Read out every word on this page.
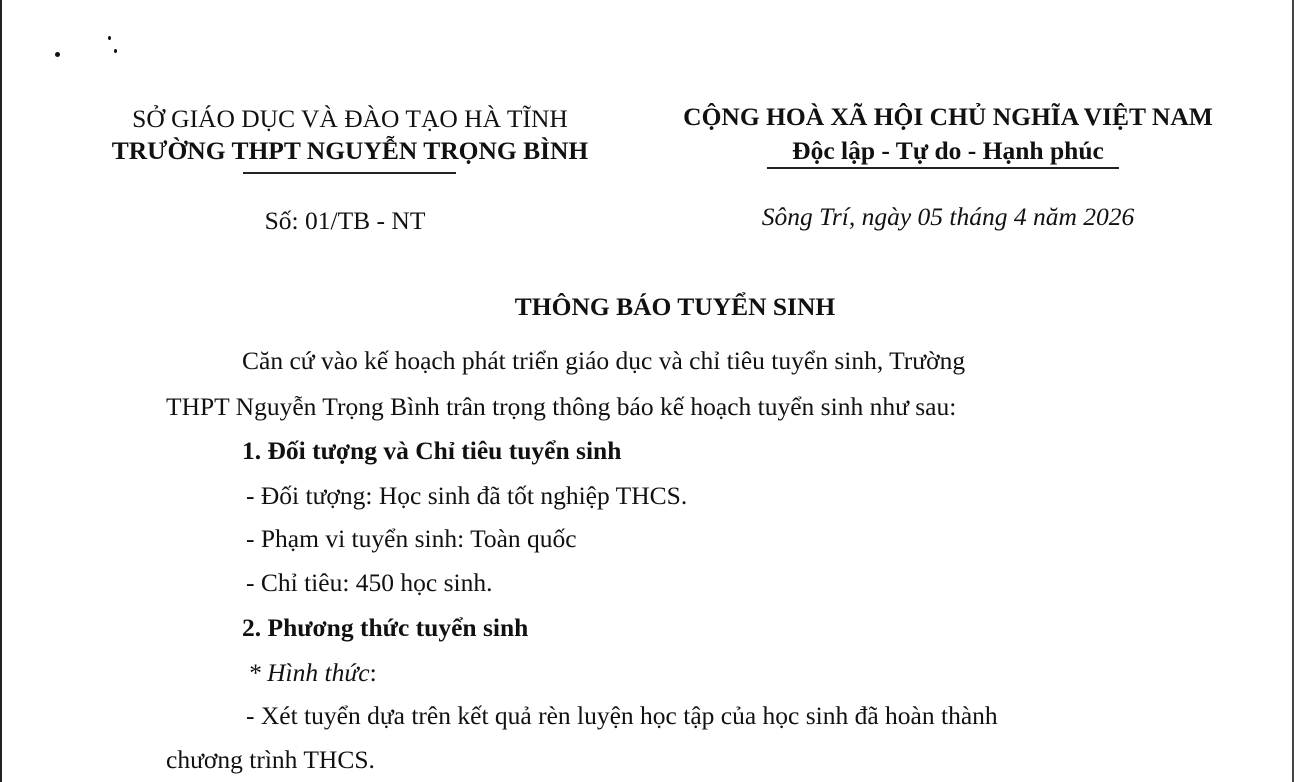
SỞ GIÁO DỤC VÀ ĐÀO TẠO HÀ TĨNH
TRƯỜNG THPT NGUYỄN TRỌNG BÌNH
CỘNG HOÀ XÃ HỘI CHỦ NGHĨA VIỆT NAM
Độc lập - Tự do - Hạnh phúc
Số: 01/TB - NT	Sông Trí, ngày 05 tháng 4 năm 2026
THÔNG BÁO TUYỂN SINH
Căn cứ vào kế hoạch phát triển giáo dục và chỉ tiêu tuyển sinh, Trường
THPT Nguyễn Trọng Bình trân trọng thông báo kế hoạch tuyển sinh như sau:
1. Đối tượng và Chỉ tiêu tuyển sinh
- Đối tượng: Học sinh đã tốt nghiệp THCS.
- Phạm vi tuyển sinh: Toàn quốc
- Chỉ tiêu: 450 học sinh.
2. Phương thức tuyển sinh
* Hình thức:
- Xét tuyển dựa trên kết quả rèn luyện học tập của học sinh đã hoàn thành
chương trình THCS.
